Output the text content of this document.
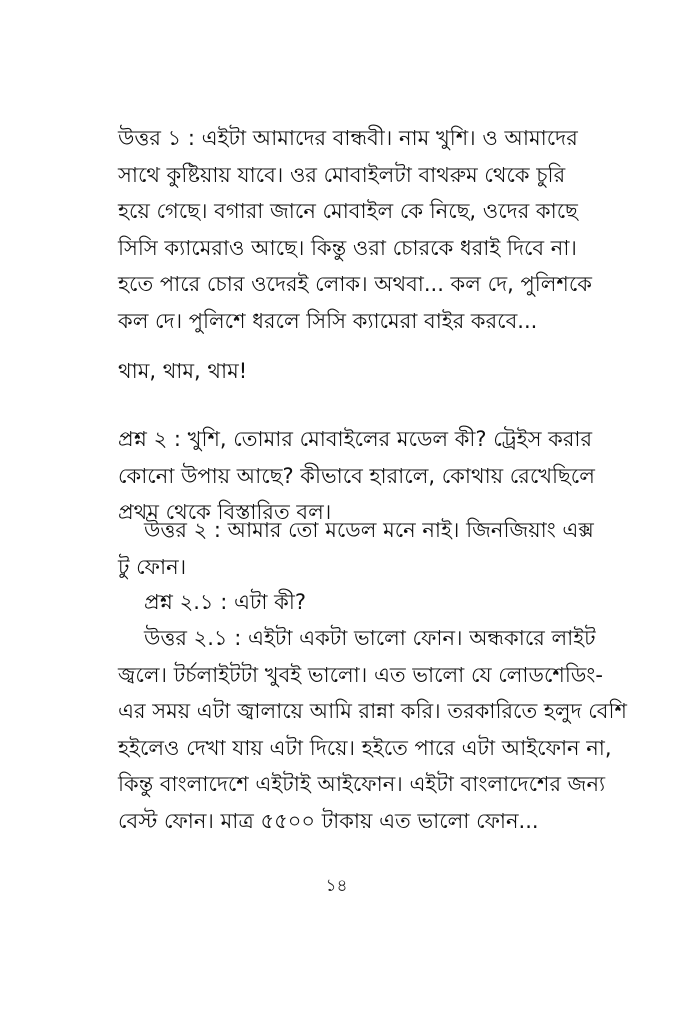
উত্তর ১ : এইটা আমাদের বান্ধবী। নাম খুশি। ও আমাদের
সাথে কুষ্টিয়ায় যাবে। ওর মোবাইলটা বাথরুম থেকে চুরি
হয়ে গেছে। বগারা জানে মোবাইল কে নিছে, ওদের কাছে
সিসি ক্যামেরাও আছে। কিন্তু ওরা চোরকে ধরাই দিবে না।
হতে পারে চোর ওদেরই লোক। অথবা... কল দে, পুলিশকে
কল দে। পুলিশে ধরলে সিসি ক্যামেরা বাইর করবে...
থাম, থাম, থাম!
প্রশ্ন ২ : খুশি, তোমার মোবাইলের মডেল কী? ট্রেইস করার
কোনো উপায় আছে? কীভাবে হারালে, কোথায় রেখেছিলে
প্রথম থেকে বিস্তারিত বল।
উত্তর ২ : আমার তো মডেল মনে নাই। জিনজিয়াং এক্স
টু ফোন।
প্রশ্ন ২.১ : এটা কী?
উত্তর ২.১ : এইটা একটা ভালো ফোন। অন্ধকারে লাইট
জ্বলে। টর্চলাইটটা খুবই ভালো। এত ভালো যে লোডশেডিং-
এর সময় এটা জ্বালায়ে আমি রান্না করি। তরকারিতে হলুদ বেশি
হইলেও দেখা যায় এটা দিয়ে। হইতে পারে এটা আইফোন না,
কিন্তু বাংলাদেশে এইটাই আইফোন। এইটা বাংলাদেশের জন্য
বেস্ট ফোন। মাত্র ৫৫০০ টাকায় এত ভালো ফোন...
১৪
